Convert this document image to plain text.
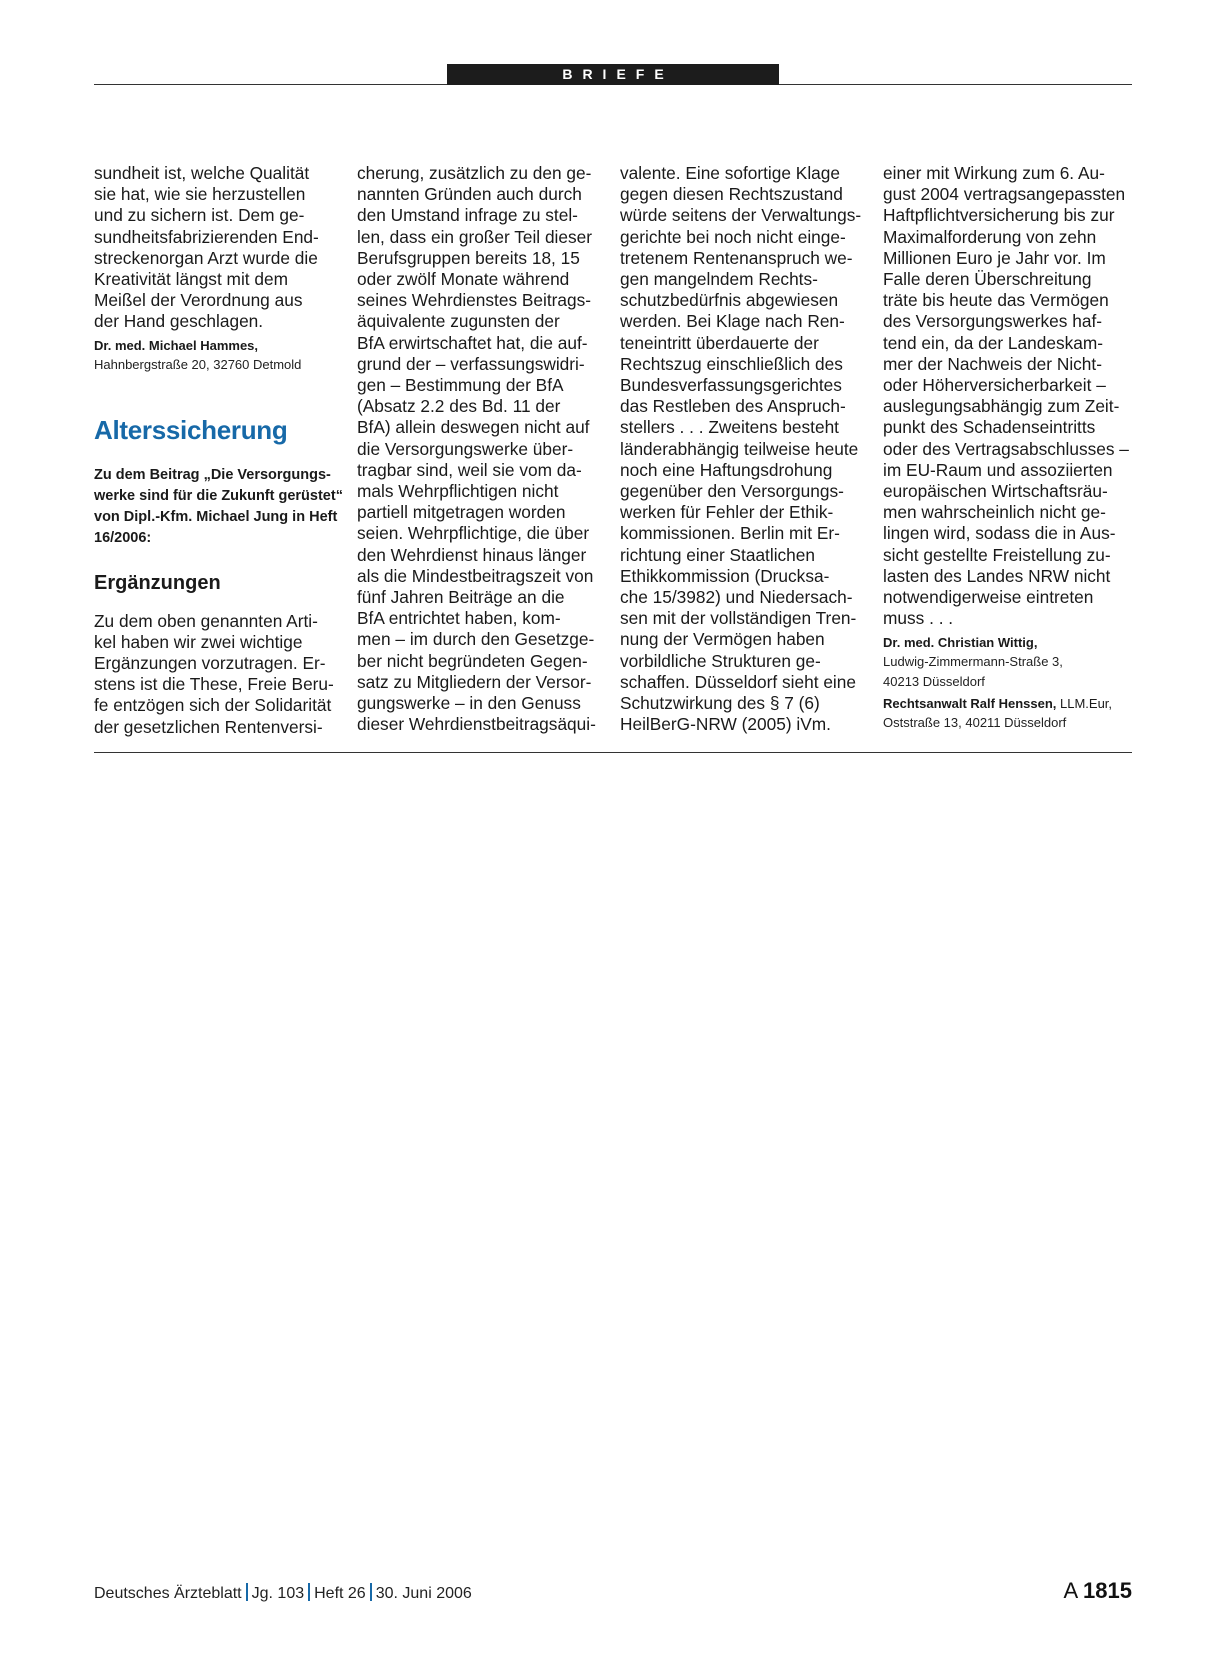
BRIEFE

sundheit ist, welche Qualität
sie hat, wie sie herzustellen
und zu sichern ist. Dem ge-
sundheitsfabrizierenden End-
streckenorgan Arzt wurde die
Kreativität längst mit dem
Meißel der Verordnung aus
der Hand geschlagen.

Dr. med. Michael Hammes,
Hahnbergstraße 20, 32760 Detmold
Alterssicherung
Zu dem Beitrag „Die Versorgungs-
werke sind für die Zukunft gerüstet“
von Dipl.-Kfm. Michael Jung in Heft
16/2006:
Ergänzungen

Zu dem oben genannten Arti-
kel haben wir zwei wichtige
Ergänzungen vorzutragen. Er-
stens ist die These, Freie Beru-
fe entzögen sich der Solidarität
der gesetzlichen Rentenversi-

cherung, zusätzlich zu den ge-
nannten Gründen auch durch
den Umstand infrage zu stel-
len, dass ein großer Teil dieser
Berufsgruppen bereits 18, 15
oder zwölf Monate während
seines Wehrdienstes Beitrags-
äquivalente zugunsten der
BfA erwirtschaftet hat, die auf-
grund der – verfassungswidri-
gen – Bestimmung der BfA
(Absatz 2.2 des Bd. 11 der
BfA) allein deswegen nicht auf
die Versorgungswerke über-
tragbar sind, weil sie vom da-
mals Wehrpflichtigen nicht
partiell mitgetragen worden
seien. Wehrpflichtige, die über
den Wehrdienst hinaus länger
als die Mindestbeitragszeit von
fünf Jahren Beiträge an die
BfA entrichtet haben, kom-
men – im durch den Gesetzge-
ber nicht begründeten Gegen-
satz zu Mitgliedern der Versor-
gungswerke – in den Genuss
dieser Wehrdienstbeitragsäqui-

valente. Eine sofortige Klage
gegen diesen Rechtszustand
würde seitens der Verwaltungs-
gerichte bei noch nicht einge-
tretenem Rentenanspruch we-
gen mangelndem Rechts-
schutzbedürfnis abgewiesen
werden. Bei Klage nach Ren-
teneintritt überdauerte der
Rechtszug einschließlich des
Bundesverfassungsgerichtes
das Restleben des Anspruch-
stellers . . . Zweitens besteht
länderabhängig teilweise heute
noch eine Haftungsdrohung
gegenüber den Versorgungs-
werken für Fehler der Ethik-
kommissionen. Berlin mit Er-
richtung einer Staatlichen
Ethikkommission (Drucksa-
che 15/3982) und Niedersach-
sen mit der vollständigen Tren-
nung der Vermögen haben
vorbildliche Strukturen ge-
schaffen. Düsseldorf sieht eine
Schutzwirkung des § 7 (6)
HeilBerG-NRW (2005) iVm.

einer mit Wirkung zum 6. Au-
gust 2004 vertragsangepassten
Haftpflichtversicherung bis zur
Maximalforderung von zehn
Millionen Euro je Jahr vor. Im
Falle deren Überschreitung
träte bis heute das Vermögen
des Versorgungswerkes haf-
tend ein, da der Landeskam-
mer der Nachweis der Nicht-
oder Höherversicherbarkeit –
auslegungsabhängig zum Zeit-
punkt des Schadenseintritts
oder des Vertragsabschlusses –
im EU-Raum und assoziierten
europäischen Wirtschaftsräu-
men wahrscheinlich nicht ge-
lingen wird, sodass die in Aus-
sicht gestellte Freistellung zu-
lasten des Landes NRW nicht
notwendigerweise eintreten
muss . . .

Dr. med. Christian Wittig,
Ludwig-Zimmermann-Straße 3,
40213 Düsseldorf
Rechtsanwalt Ralf Henssen, LLM.Eur,
Oststraße 13, 40211 Düsseldorf
Deutsches Ärzteblatt Jg. 103 Heft 26 30. Juni 2006	A 1815
